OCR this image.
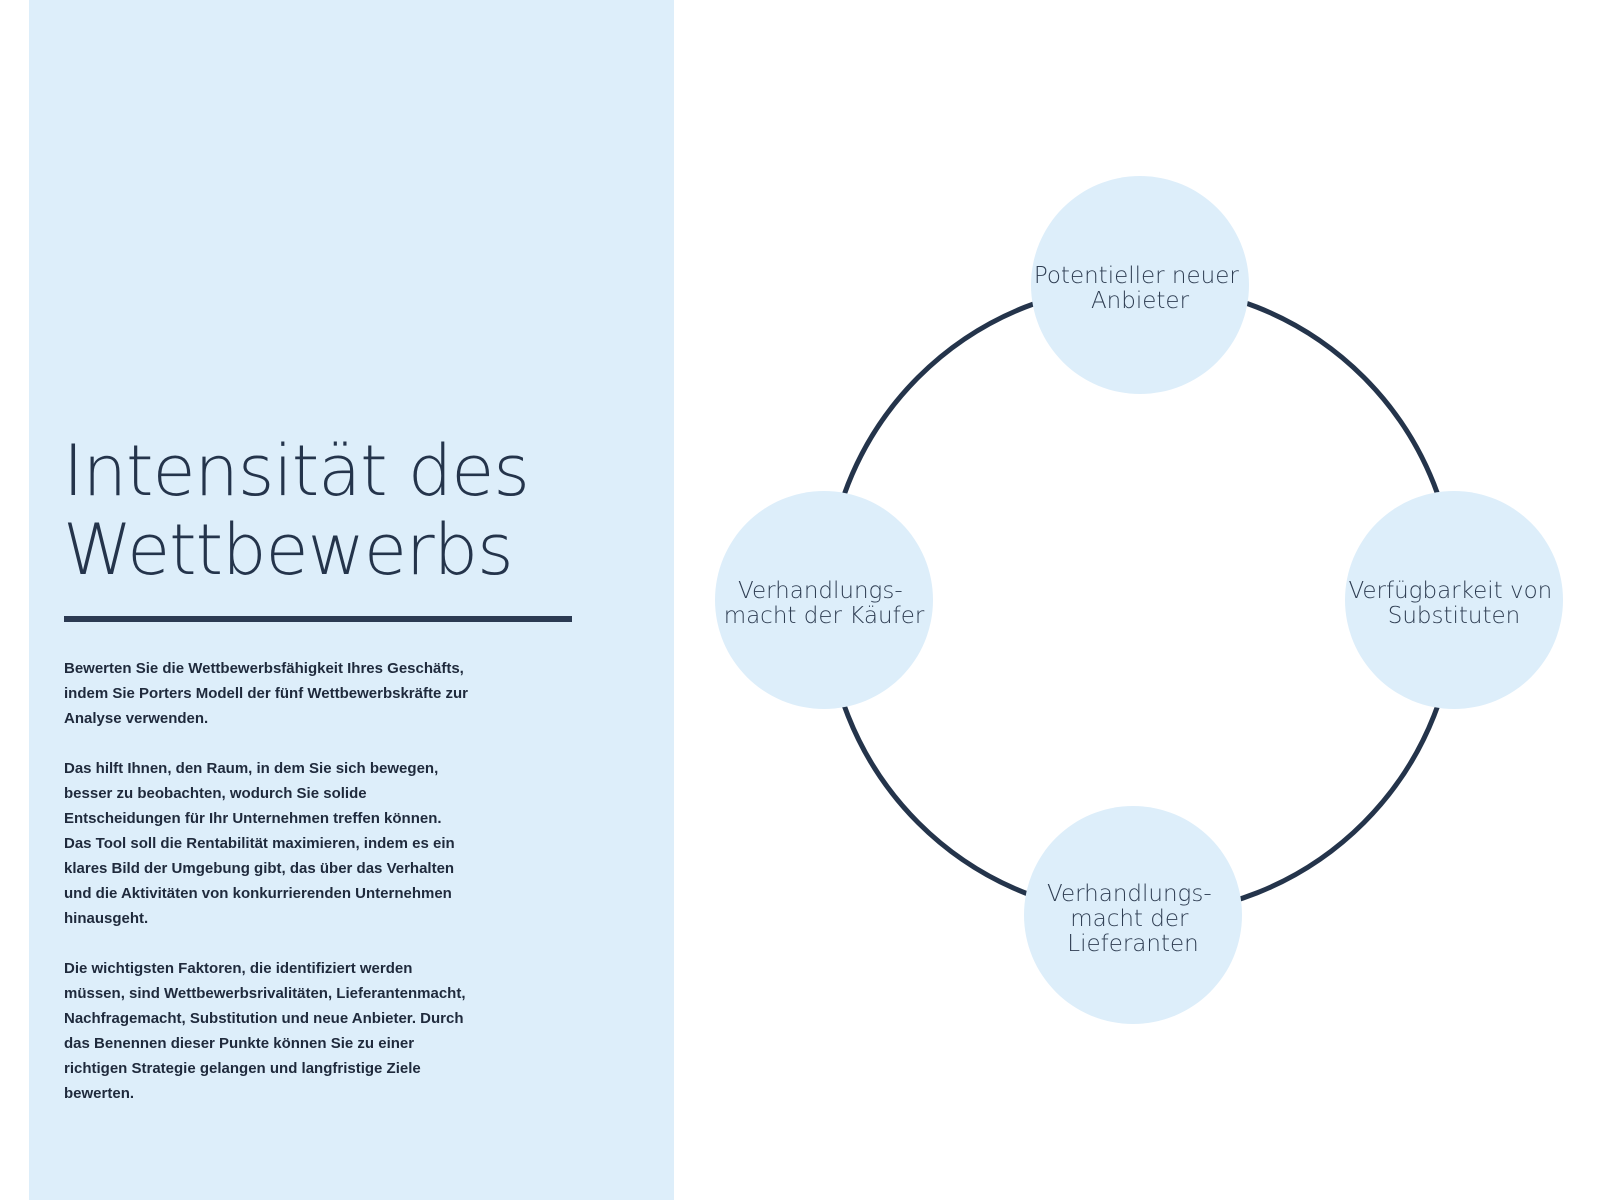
Intensität des
Wettbewerbs

Bewerten Sie die Wettbewerbsfähigkeit Ihres Geschäfts,
indem Sie Porters Modell der fünf Wettbewerbskräfte zur
Analyse verwenden.

Das hilft Ihnen, den Raum, in dem Sie sich bewegen,
besser zu beobachten, wodurch Sie solide
Entscheidungen für Ihr Unternehmen treffen können.
Das Tool soll die Rentabilität maximieren, indem es ein
klares Bild der Umgebung gibt, das über das Verhalten
und die Aktivitäten von konkurrierenden Unternehmen
hinausgeht.

Die wichtigsten Faktoren, die identifiziert werden
müssen, sind Wettbewerbsrivalitäten, Lieferantenmacht,
Nachfragemacht, Substitution und neue Anbieter. Durch
das Benennen dieser Punkte können Sie zu einer
richtigen Strategie gelangen und langfristige Ziele
bewerten.

Potentieller neuer Anbieter
Verfügbarkeit von Substituten
Verhandlungs- macht der Lieferanten
Verhandlungs- macht der Käufer
